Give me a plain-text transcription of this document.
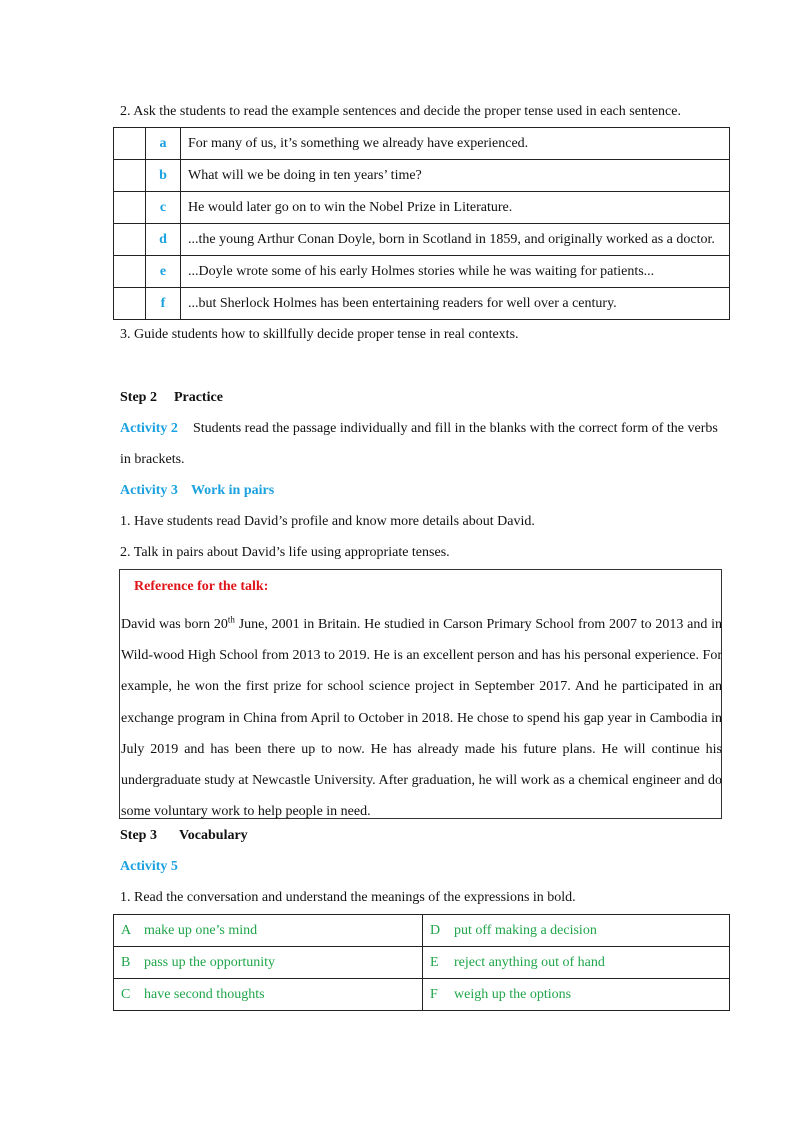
2. Ask the students to read the example sentences and decide the proper tense used in each sentence.
	a	For many of us, it’s something we already have experienced.
	b	What will we be doing in ten years’ time?
	c	He would later go on to win the Nobel Prize in Literature.
	d	...the young Arthur Conan Doyle, born in Scotland in 1859, and originally worked as a doctor.
	e	...Doyle wrote some of his early Holmes stories while he was waiting for patients...
	f	...but Sherlock Holmes has been entertaining readers for well over a century.
3. Guide students how to skillfully decide proper tense in real contexts.
Step 2 Practice
Activity 2 Students read the passage individually and fill in the blanks with the correct form of the verbs
in brackets.
Activity 3 Work in pairs
1. Have students read David’s profile and know more details about David.
2. Talk in pairs about David’s life using appropriate tenses.
Reference for the talk:
David was born 20th June, 2001 in Britain. He studied in Carson Primary School from 2007 to 2013 and in Wild-wood High School from 2013 to 2019. He is an excellent person and has his personal experience. For example, he won the first prize for school science project in September 2017. And he participated in an exchange program in China from April to October in 2018. He chose to spend his gap year in Cambodia in July 2019 and has been there up to now. He has already made his future plans. He will continue his undergraduate study at Newcastle University. After graduation, he will work as a chemical engineer and do some voluntary work to help people in need.
Step 3 Vocabulary
Activity 5
1. Read the conversation and understand the meanings of the expressions in bold.
A make up one’s mind	D put off making a decision
B pass up the opportunity	E reject anything out of hand
C have second thoughts	F weigh up the options
